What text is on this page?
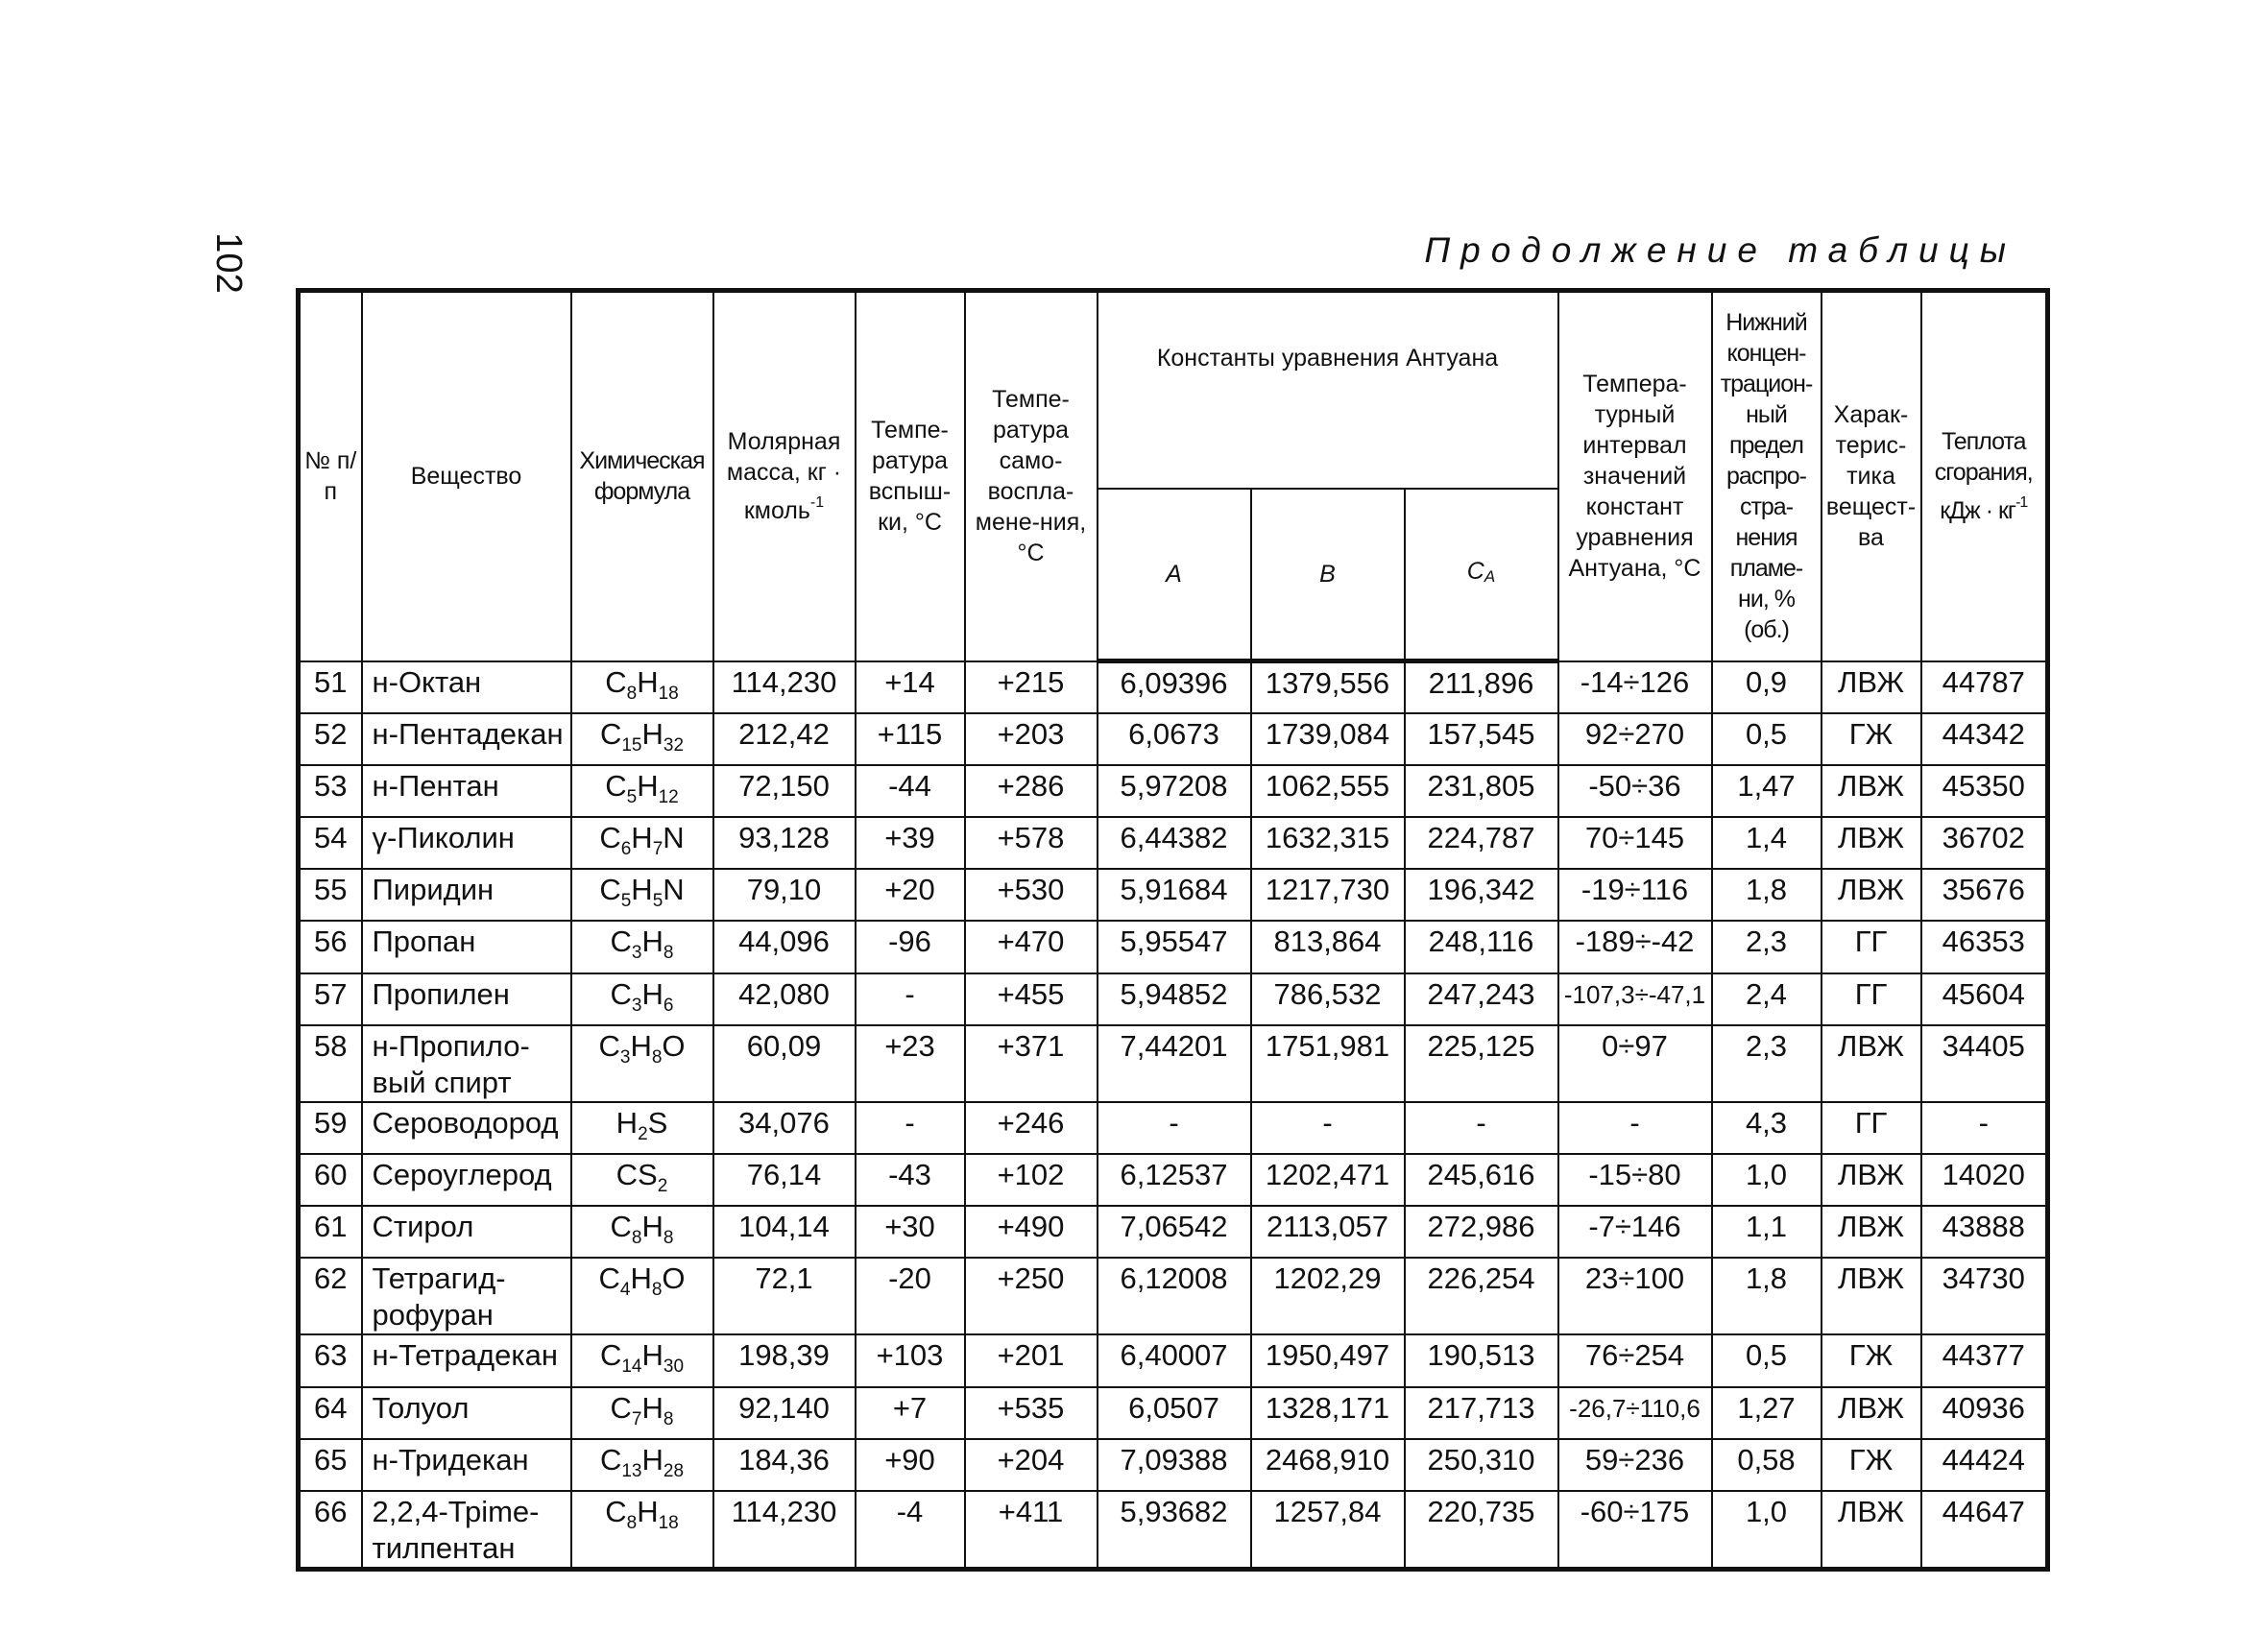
102	Продолжение таблицы
№ п/п	Вещество	Химическая формула	Молярная масса, кг · кмоль$^{-1}$	Темпе-ратура вспыш-ки, °С	Темпе-ратура само-воспла-мене-ния, °С	Константы уравнения Антуана			Темпера-турный интервал значений констант уравнения Антуана, °С	Нижний концен-трацион-ный предел распро-стра-нения пламе-ни, % (об.)	Харак-терис-тика вещест-ва	Теплота сгорания, кДж · $кг^{-1}$
						A	B	CA				
51	н-Октан	$C_8H_{18}$	114,230	+14	+215	6,09396	1379,556	211,896	-14÷126	0,9	ЛВЖ	44787
52	н-Пентадекан	$C_{15}H_{32}$	212,42	+115	+203	6,0673	1739,084	157,545	92÷270	0,5	ГЖ	44342
53	н-Пентан	$C_5H_{12}$	72,150	-44	+286	5,97208	1062,555	231,805	-50÷36	1,47	ЛВЖ	45350
54	γ-Пиколин	$C_6H_7N$	93,128	+39	+578	6,44382	1632,315	224,787	70÷145	1,4	ЛВЖ	36702
55	Пиридин	$C_5H_5N$	79,10	+20	+530	5,91684	1217,730	196,342	-19÷116	1,8	ЛВЖ	35676
56	Пропан	$C_3H_8$	44,096	-96	+470	5,95547	813,864	248,116	-189÷-42	2,3	ГГ	46353
57	Пропилен	$C_3H_6$	42,080	-	+455	5,94852	786,532	247,243	-107,3÷-47,1	2,4	ГГ	45604
58	н-Пропило-вый спирт	$C_3H_8O$	60,09	+23	+371	7,44201	1751,981	225,125	0÷97	2,3	ЛВЖ	34405
59	Сероводород	$H_2S$	34,076	-	+246	-	-	-	-	4,3	ГГ	-
60	Сероуглерод	$CS_2$	76,14	-43	+102	6,12537	1202,471	245,616	-15÷80	1,0	ЛВЖ	14020
61	Стирол	$C_8H_8$	104,14	+30	+490	7,06542	2113,057	272,986	-7÷146	1,1	ЛВЖ	43888
62	Тетрагид-рофуран	$C_4H_8O$	72,1	-20	+250	6,12008	1202,29	226,254	23÷100	1,8	ЛВЖ	34730
63	н-Тетрадекан	$C_{14}H_{30}$	198,39	+103	+201	6,40007	1950,497	190,513	76÷254	0,5	ГЖ	44377
64	Толуол	$C_7H_8$	92,140	+7	+535	6,0507	1328,171	217,713	-26,7÷110,6	1,27	ЛВЖ	40936
65	н-Тридекан	$C_{13}H_{28}$	184,36	+90	+204	7,09388	2468,910	250,310	59÷236	0,58	ГЖ	44424
66	2,2,4-Трime-тилпентан	$C_8H_{18}$	114,230	-4	+411	5,93682	1257,84	220,735	-60÷175	1,0	ЛВЖ	44647
